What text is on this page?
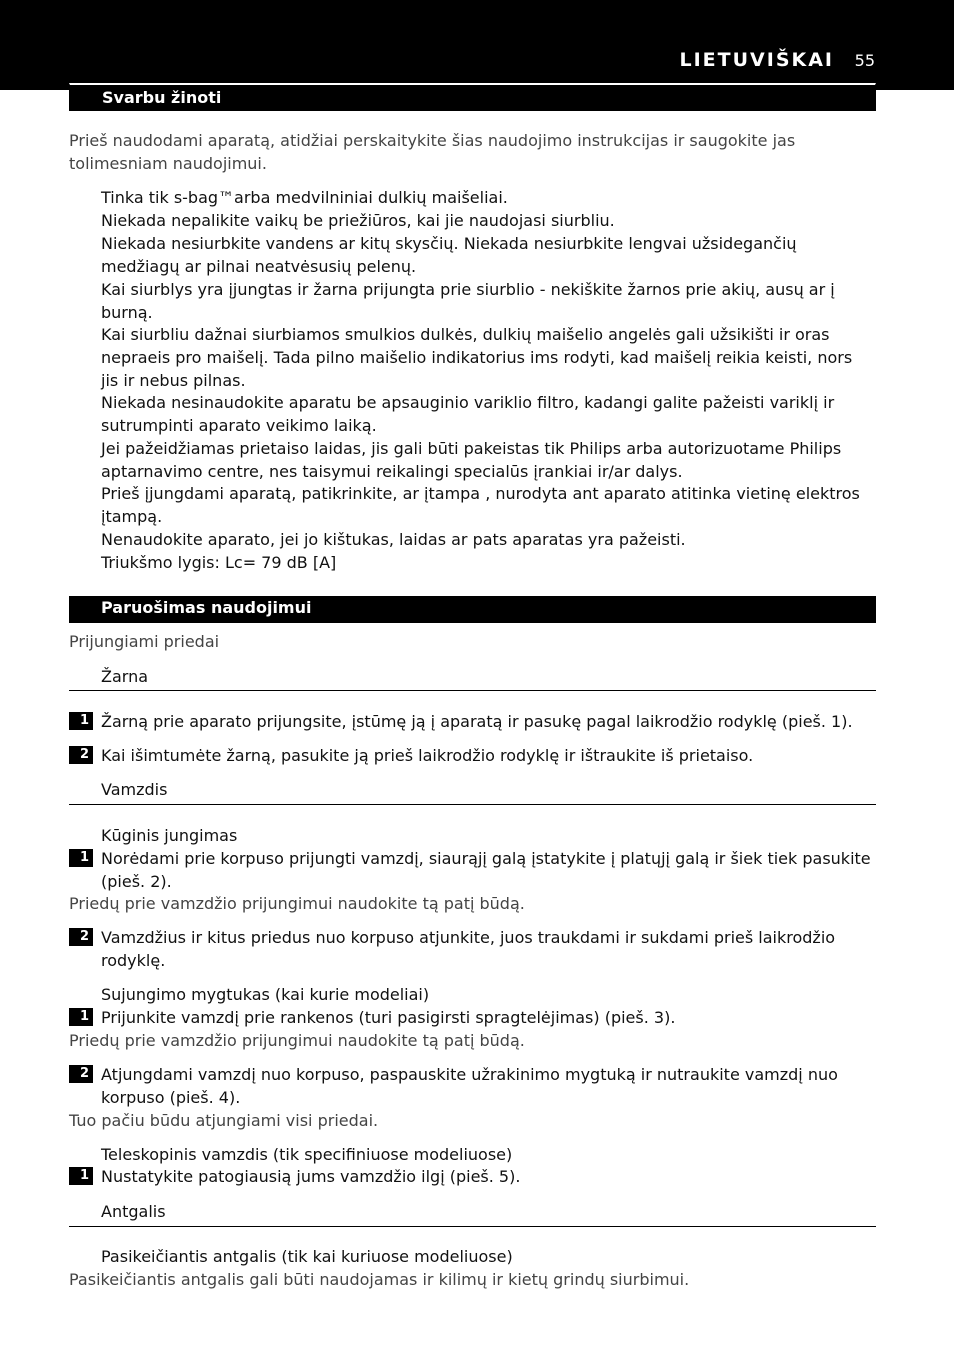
LIETUVIŠKAI 55
Svarbu žinoti
Prieš naudodami aparatą, atidžiai perskaitykite šias naudojimo instrukcijas ir saugokite jas tolimesniam naudojimui.
Tinka tik s-bag™arba medvilniniai dulkių maišeliai.
Niekada nepalikite vaikų be priežiūros, kai jie naudojasi siurbliu.
Niekada nesiurbkite vandens ar kitų skysčių. Niekada nesiurbkite lengvai užsidegančių medžiagų ar pilnai neatvėsusių pelenų.
Kai siurblys yra įjungtas ir žarna prijungta prie siurblio - nekiškite žarnos prie akių, ausų ar į burną.
Kai siurbliu dažnai siurbiamos smulkios dulkės, dulkių maišelio angelės gali užsikišti ir oras nepraeis pro maišelį. Tada pilno maišelio indikatorius ims rodyti, kad maišelį reikia keisti, nors jis ir nebus pilnas.
Niekada nesinaudokite aparatu be apsauginio variklio filtro, kadangi galite pažeisti variklį ir sutrumpinti aparato veikimo laiką.
Jei pažeidžiamas prietaiso laidas, jis gali būti pakeistas tik Philips arba autorizuotame Philips aptarnavimo centre, nes taisymui reikalingi specialūs įrankiai ir/ar dalys.
Prieš įjungdami aparatą, patikrinkite, ar įtampa , nurodyta ant aparato atitinka vietinę elektros įtampą.
Nenaudokite aparato, jei jo kištukas, laidas ar pats aparatas yra pažeisti.
Triukšmo lygis: Lc= 79 dB [A]
Paruošimas naudojimui
Prijungiami priedai
Žarna
1 Žarną prie aparato prijungsite, įstūmę ją į aparatą ir pasukę pagal laikrodžio rodyklę (pieš. 1).
2 Kai išimtumėte žarną, pasukite ją prieš laikrodžio rodyklę ir ištraukite iš prietaiso.
Vamzdis
Kūginis jungimas
1 Norėdami prie korpuso prijungti vamzdį, siaurąjį galą įstatykite į platųjį galą ir šiek tiek pasukite (pieš. 2).
Priedų prie vamzdžio prijungimui naudokite tą patį būdą.
2 Vamzdžius ir kitus priedus nuo korpuso atjunkite, juos traukdami ir sukdami prieš laikrodžio rodyklę.
Sujungimo mygtukas (kai kurie modeliai)
1 Prijunkite vamzdį prie rankenos (turi pasigirsti spragtelėjimas) (pieš. 3).
Priedų prie vamzdžio prijungimui naudokite tą patį būdą.
2 Atjungdami vamzdį nuo korpuso, paspauskite užrakinimo mygtuką ir nutraukite vamzdį nuo korpuso (pieš. 4).
Tuo pačiu būdu atjungiami visi priedai.
Teleskopinis vamzdis (tik specifiniuose modeliuose)
1 Nustatykite patogiausią jums vamzdžio ilgį (pieš. 5).
Antgalis
Pasikeičiantis antgalis (tik kai kuriuose modeliuose)
Pasikeičiantis antgalis gali būti naudojamas ir kilimų ir kietų grindų siurbimui.
